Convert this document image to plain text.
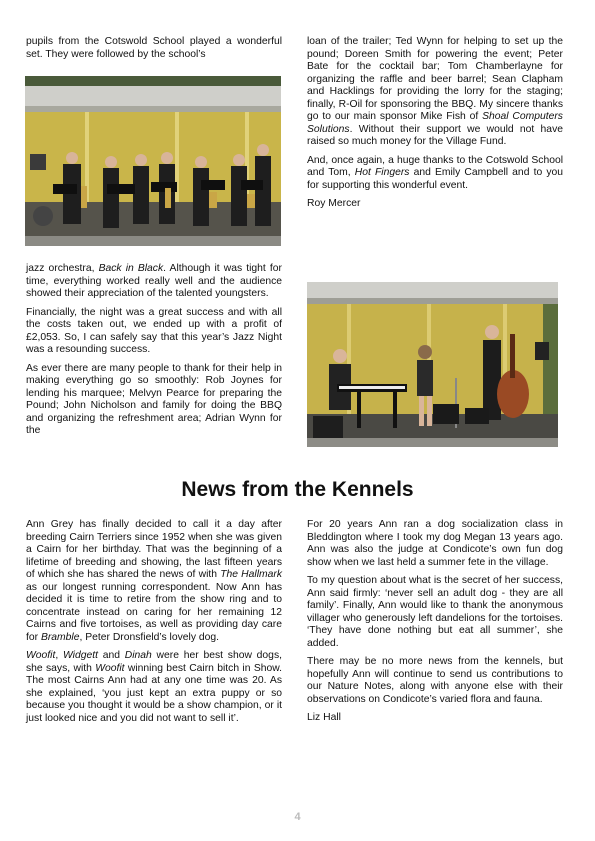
pupils from the Cotswold School played a wonderful set. They were followed by the school’s

jazz orchestra, Back in Black. Although it was tight for time, everything worked really well and the audience showed their appreciation of the talented youngsters.

Financially, the night was a great success and with all the costs taken out, we ended up with a profit of £2,053. So, I can safely say that this year’s Jazz Night was a resounding success.

As ever there are many people to thank for their help in making everything go so smoothly: Rob Joynes for lending his marquee; Melvyn Pearce for preparing the Pound; John Nicholson and family for doing the BBQ and organizing the refreshment area; Adrian Wynn for the

loan of the trailer; Ted Wynn for helping to set up the pound; Doreen Smith for powering the event; Peter Bate for the cocktail bar; Tom Chamberlayne for organizing the raffle and beer barrel; Sean Clapham and Hacklings for providing the lorry for the staging; finally, R-Oil for sponsoring the BBQ. My sincere thanks go to our main sponsor Mike Fish of Shoal Computers Solutions. Without their support we would not have raised so much money for the Village Fund.

And, once again, a huge thanks to the Cotswold School and Tom, Hot Fingers and Emily Campbell and to you for supporting this wonderful event.

Roy Mercer

News from the Kennels

Ann Grey has finally decided to call it a day after breeding Cairn Terriers since 1952 when she was given a Cairn for her birthday. That was the beginning of a lifetime of breeding and showing, the last fifteen years of which she has shared the news of with The Hallmark as our longest running correspondent. Now Ann has decided it is time to retire from the show ring and to concentrate instead on caring for her remaining 12 Cairns and five tortoises, as well as providing day care for Bramble, Peter Dronsfield’s lovely dog.

Woofit, Widgett and Dinah were her best show dogs, she says, with Woofit winning best Cairn bitch in Show. The most Cairns Ann had at any one time was 20. As she explained, ‘you just kept an extra puppy or so because you thought it would be a show champion, or it just looked nice and you did not want to sell it’.

For 20 years Ann ran a dog socialization class in Bleddington where I took my dog Megan 13 years ago. Ann was also the judge at Condicote’s own fun dog show when we last held a summer fete in the village.

To my question about what is the secret of her success, Ann said firmly: ‘never sell an adult dog - they are all family’. Finally, Ann would like to thank the anonymous villager who generously left dandelions for the tortoises. ‘They have done nothing but eat all summer’, she added.

There may be no more news from the kennels, but hopefully Ann will continue to send us contributions to our Nature Notes, along with anyone else with their observations on Condicote’s varied flora and fauna.

Liz Hall

4
